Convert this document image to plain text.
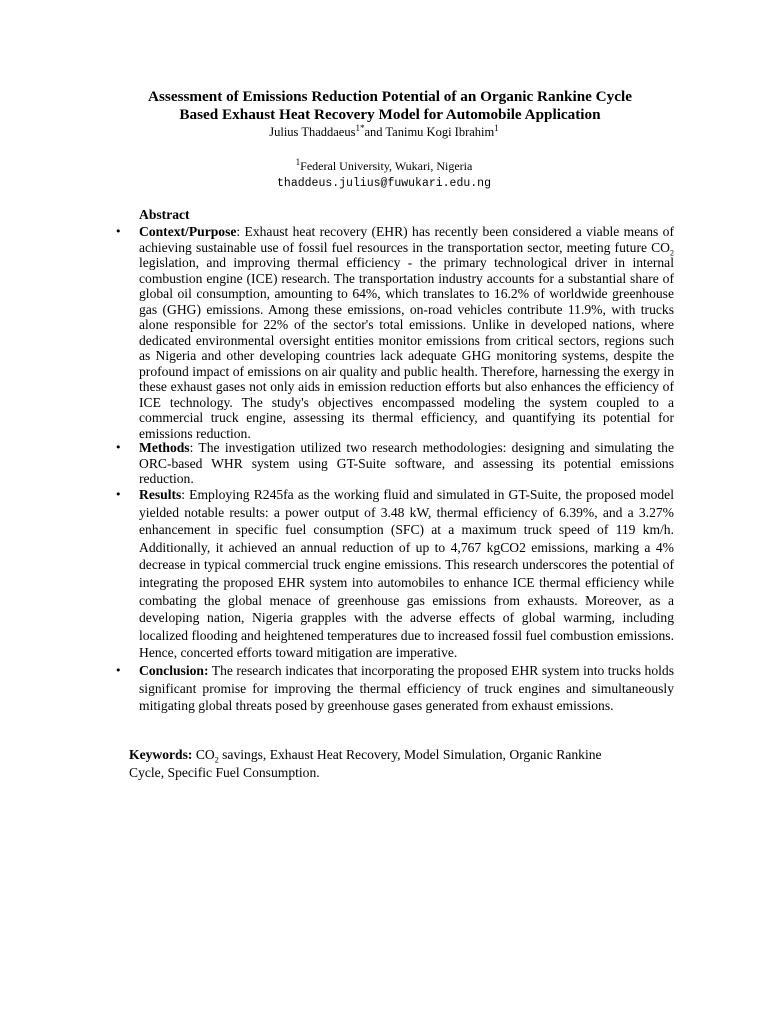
Assessment of Emissions Reduction Potential of an Organic Rankine Cycle
Based Exhaust Heat Recovery Model for Automobile Application
Julius Thaddaeus$^{1*}$and Tanimu Kogi Ibrahim$^1$
$^1$Federal University, Wukari, Nigeria
thaddeus.julius@fuwukari.edu.ng
Abstract
• Context/Purpose: Exhaust heat recovery (EHR) has recently been considered a viable means of achieving sustainable use of fossil fuel resources in the transportation sector, meeting future $CO_2$ legislation, and improving thermal efficiency - the primary technological driver in internal combustion engine (ICE) research. The transportation industry accounts for a substantial share of global oil consumption, amounting to 64%, which translates to 16.2% of worldwide greenhouse gas (GHG) emissions. Among these emissions, on-road vehicles contribute 11.9%, with trucks alone responsible for 22% of the sector's total emissions. Unlike in developed nations, where dedicated environmental oversight entities monitor emissions from critical sectors, regions such as Nigeria and other developing countries lack adequate GHG monitoring systems, despite the profound impact of emissions on air quality and public health. Therefore, harnessing the exergy in these exhaust gases not only aids in emission reduction efforts but also enhances the efficiency of ICE technology. The study's objectives encompassed modeling the system coupled to a commercial truck engine, assessing its thermal efficiency, and quantifying its potential for emissions reduction.
• Methods: The investigation utilized two research methodologies: designing and simulating the ORC-based WHR system using GT-Suite software, and assessing its potential emissions reduction.
• Results: Employing R245fa as the working fluid and simulated in GT-Suite, the proposed model yielded notable results: a power output of 3.48 kW, thermal efficiency of 6.39%, and a 3.27% enhancement in specific fuel consumption (SFC) at a maximum truck speed of 119 km/h. Additionally, it achieved an annual reduction of up to 4,767 kgCO2 emissions, marking a 4% decrease in typical commercial truck engine emissions. This research underscores the potential of integrating the proposed EHR system into automobiles to enhance ICE thermal efficiency while combating the global menace of greenhouse gas emissions from exhausts. Moreover, as a developing nation, Nigeria grapples with the adverse effects of global warming, including localized flooding and heightened temperatures due to increased fossil fuel combustion emissions. Hence, concerted efforts toward mitigation are imperative.
• Conclusion: The research indicates that incorporating the proposed EHR system into trucks holds significant promise for improving the thermal efficiency of truck engines and simultaneously mitigating global threats posed by greenhouse gases generated from exhaust emissions.
Keywords: $CO_2$ savings, Exhaust Heat Recovery, Model Simulation, Organic Rankine Cycle, Specific Fuel Consumption.
